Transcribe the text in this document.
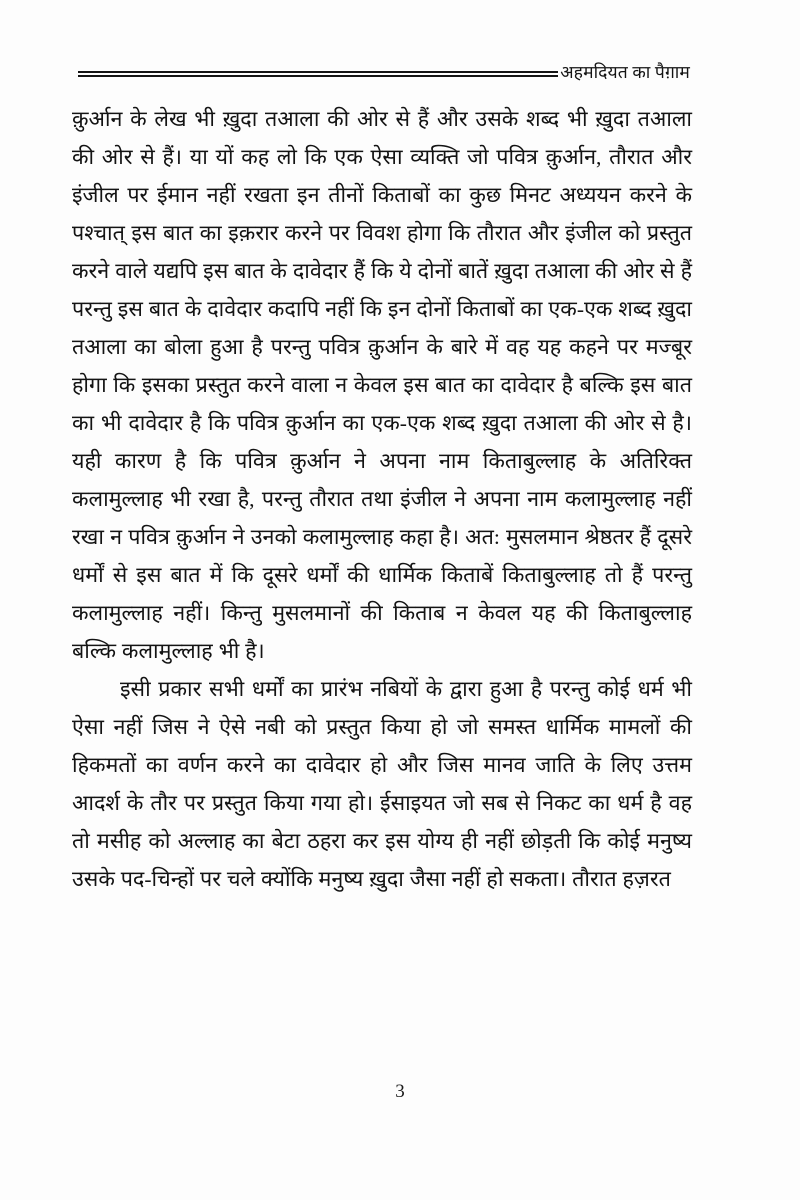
अहमदियत का पैग़ाम

क़ुर्आन के लेख भी ख़ुदा तआला की ओर से हैं और उसके शब्द भी ख़ुदा तआला की ओर से हैं। या यों कह लो कि एक ऐसा व्यक्ति जो पवित्र क़ुर्आन, तौरात और इंजील पर ईमान नहीं रखता इन तीनों किताबों का कुछ मिनट अध्ययन करने के पश्चात् इस बात का इक़रार करने पर विवश होगा कि तौरात और इंजील को प्रस्तुत करने वाले यद्यपि इस बात के दावेदार हैं कि ये दोनों बातें ख़ुदा तआला की ओर से हैं परन्तु इस बात के दावेदार कदापि नहीं कि इन दोनों किताबों का एक-एक शब्द ख़ुदा तआला का बोला हुआ है परन्तु पवित्र क़ुर्आन के बारे में वह यह कहने पर मज्बूर होगा कि इसका प्रस्तुत करने वाला न केवल इस बात का दावेदार है बल्कि इस बात का भी दावेदार है कि पवित्र क़ुर्आन का एक-एक शब्द ख़ुदा तआला की ओर से है। यही कारण है कि पवित्र क़ुर्आन ने अपना नाम किताबुल्लाह के अतिरिक्त कलामुल्लाह भी रखा है, परन्तु तौरात तथा इंजील ने अपना नाम कलामुल्लाह नहीं रखा न पवित्र क़ुर्आन ने उनको कलामुल्लाह कहा है। अत: मुसलमान श्रेष्ठतर हैं दूसरे धर्मों से इस बात में कि दूसरे धर्मों की धार्मिक किताबें किताबुल्लाह तो हैं परन्तु कलामुल्लाह नहीं। किन्तु मुसलमानों की किताब न केवल यह की किताबुल्लाह बल्कि कलामुल्लाह भी है।

इसी प्रकार सभी धर्मों का प्रारंभ नबियों के द्वारा हुआ है परन्तु कोई धर्म भी ऐसा नहीं जिस ने ऐसे नबी को प्रस्तुत किया हो जो समस्त धार्मिक मामलों की हिकमतों का वर्णन करने का दावेदार हो और जिस मानव जाति के लिए उत्तम आदर्श के तौर पर प्रस्तुत किया गया हो। ईसाइयत जो सब से निकट का धर्म है वह तो मसीह को अल्लाह का बेटा ठहरा कर इस योग्य ही नहीं छोड़ती कि कोई मनुष्य उसके पद-चिन्हों पर चले क्योंकि मनुष्य ख़ुदा जैसा नहीं हो सकता। तौरात हज़रत

3
